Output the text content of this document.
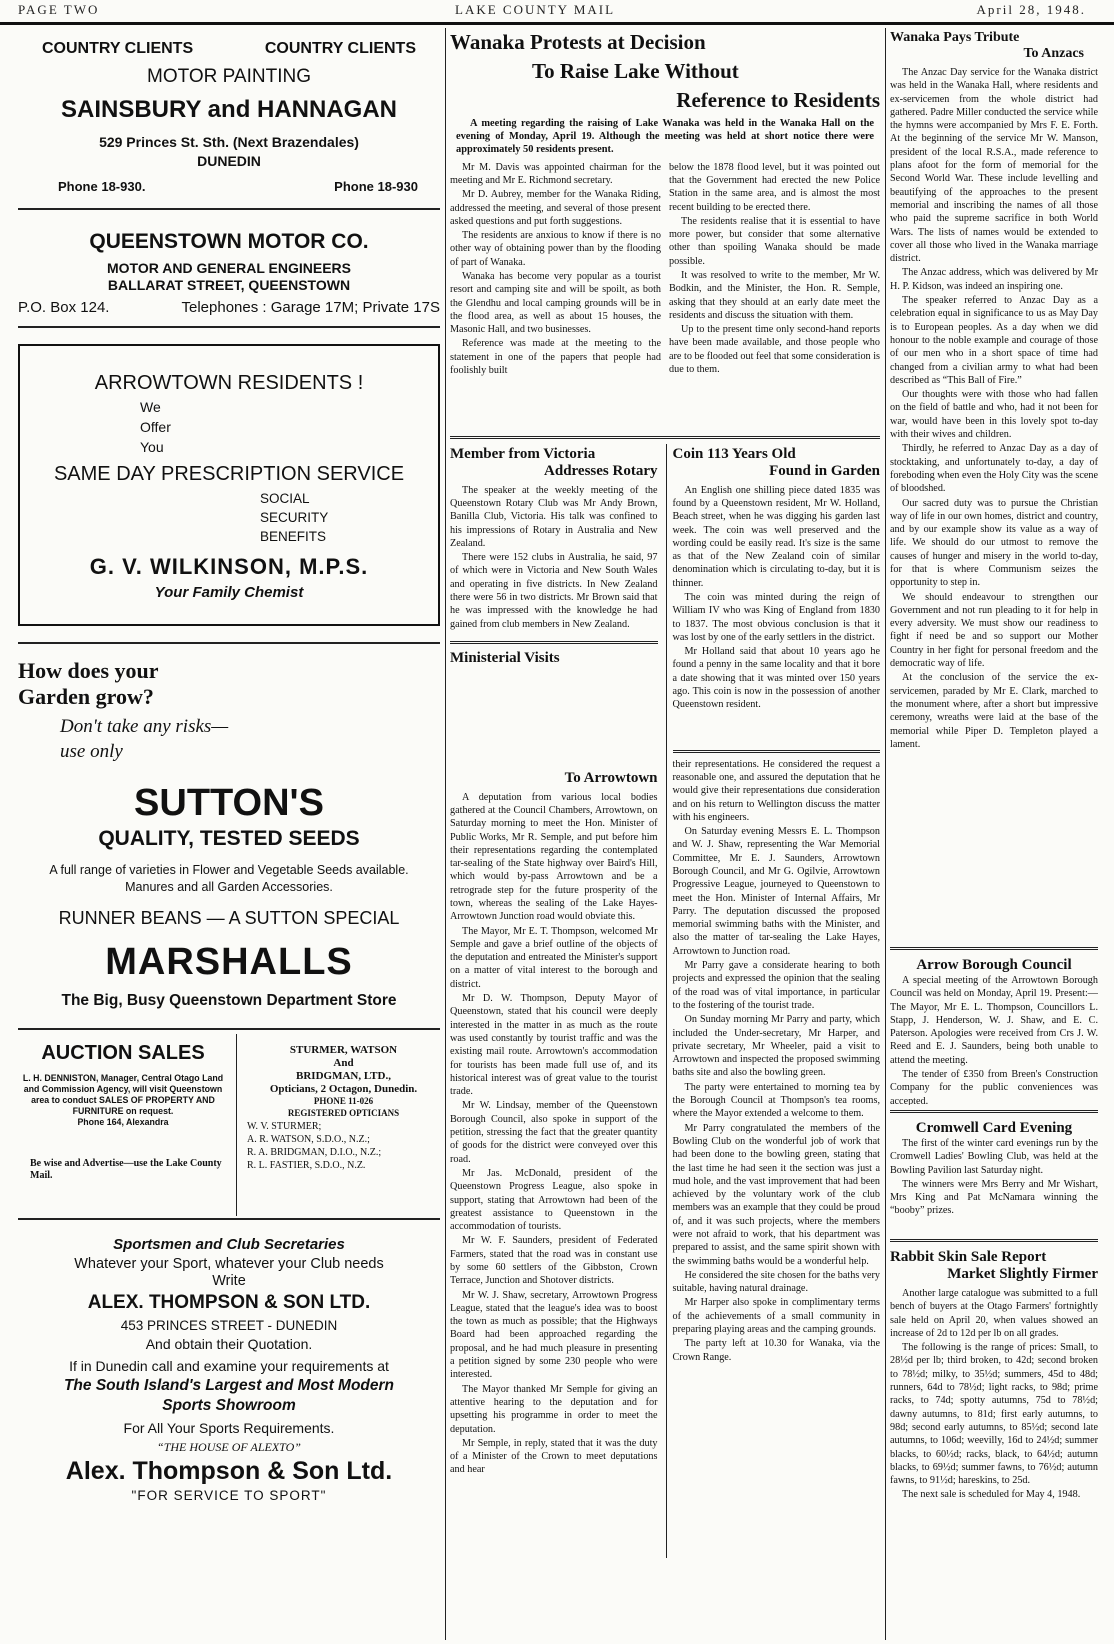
PAGE TWO	LAKE COUNTY MAIL	April 28, 1948.
COUNTRY CLIENTS	COUNTRY CLIENTS
MOTOR PAINTING
SAINSBURY and HANNAGAN
529 Princes St. Sth. (Next Brazendales)
DUNEDIN
Phone 18-930.	Phone 18-930
QUEENSTOWN MOTOR CO.
MOTOR AND GENERAL ENGINEERS
BALLARAT STREET, QUEENSTOWN
P.O. Box 124.	Telephones : Garage 17M; Private 17S
ARROWTOWN RESIDENTS !
We
Offer
You
SAME DAY PRESCRIPTION SERVICE
SOCIAL
SECURITY
BENEFITS
G. V. WILKINSON, M.P.S.
Your Family Chemist
How does your
Garden grow?
Don't take any risks—
use only
SUTTON'S
QUALITY, TESTED SEEDS
A full range of varieties in Flower and Vegetable Seeds available.
Manures and all Garden Accessories.
RUNNER BEANS — A SUTTON SPECIAL
MARSHALLS
The Big, Busy Queenstown Department Store
AUCTION SALES
L. H. DENNISTON, Manager, Central Otago Land and Commission Agency, will visit Queenstown area to conduct SALES OF PROPERTY AND FURNITURE on request.
Phone 164, Alexandra
Be wise and Advertise—use the Lake County Mail.
STURMER, WATSON
And
BRIDGMAN, LTD.,
Opticians, 2 Octagon, Dunedin.
PHONE 11-026
REGISTERED OPTICIANS
W. V. STURMER;
A. R. WATSON, S.D.O., N.Z.;
R. A. BRIDGMAN, D.I.O., N.Z.;
R. L. FASTIER, S.D.O., N.Z.
Sportsmen and Club Secretaries
Whatever your Sport, whatever your Club needs
Write
ALEX. THOMPSON & SON LTD.
453 PRINCES STREET - DUNEDIN
And obtain their Quotation.
If in Dunedin call and examine your requirements at
The South Island's Largest and Most Modern
Sports Showroom
For All Your Sports Requirements.
“THE HOUSE OF ALEXTO”
Alex. Thompson & Son Ltd.
"FOR SERVICE TO SPORT"
Wanaka Protests at Decision
To Raise Lake Without
Reference to Residents

A meeting regarding the raising of Lake Wanaka was held in the Wanaka Hall on the evening of Monday, April 19. Although the meeting was held at short notice there were approximately 50 residents present.

Mr M. Davis was appointed chairman for the meeting and Mr E. Richmond secretary.

Mr D. Aubrey, member for the Wanaka Riding, addressed the meeting, and several of those present asked questions and put forth suggestions.

The residents are anxious to know if there is no other way of obtaining power than by the flooding of part of Wanaka.

Wanaka has become very popular as a tourist resort and camping site and will be spoilt, as both the Glendhu and local camping grounds will be in the flood area, as well as about 15 houses, the Masonic Hall, and two businesses.

Reference was made at the meeting to the statement in one of the papers that people had foolishly built

below the 1878 flood level, but it was pointed out that the Government had erected the new Police Station in the same area, and is almost the most recent building to be erected there.

The residents realise that it is essential to have more power, but consider that some alternative other than spoiling Wanaka should be made possible.

It was resolved to write to the member, Mr W. Bodkin, and the Minister, the Hon. R. Semple, asking that they should at an early date meet the residents and discuss the situation with them.

Up to the present time only second-hand reports have been made available, and those people who are to be flooded out feel that some consideration is due to them.

Member from Victoria
Addresses Rotary

The speaker at the weekly meeting of the Queenstown Rotary Club was Mr Andy Brown, Banilla Club, Victoria. His talk was confined to his impressions of Rotary in Australia and New Zealand.

There were 152 clubs in Australia, he said, 97 of which were in Victoria and New South Wales and operating in five districts. In New Zealand there were 56 in two districts. Mr Brown said that he was impressed with the knowledge he had gained from club members in New Zealand.

Ministerial Visits
Coin 113 Years Old
Found in Garden

An English one shilling piece dated 1835 was found by a Queenstown resident, Mr W. Holland, Beach street, when he was digging his garden last week. The coin was well preserved and the wording could be easily read. It's size is the same as that of the New Zealand coin of similar denomination which is circulating to-day, but it is thinner.

The coin was minted during the reign of William IV who was King of England from 1830 to 1837. The most obvious conclusion is that it was lost by one of the early settlers in the district.

Mr Holland said that about 10 years ago he found a penny in the same locality and that it bore a date showing that it was minted over 150 years ago. This coin is now in the possession of another Queenstown resident.

To Arrowtown

A deputation from various local bodies gathered at the Council Chambers, Arrowtown, on Saturday morning to meet the Hon. Minister of Public Works, Mr R. Semple, and put before him their representations regarding the contemplated tar-sealing of the State highway over Baird's Hill, which would by-pass Arrowtown and be a retrograde step for the future prosperity of the town, whereas the sealing of the Lake Hayes-Arrowtown Junction road would obviate this.

The Mayor, Mr E. T. Thompson, welcomed Mr Semple and gave a brief outline of the objects of the deputation and entreated the Minister's support on a matter of vital interest to the borough and district.

Mr D. W. Thompson, Deputy Mayor of Queenstown, stated that his council were deeply interested in the matter in as much as the route was used constantly by tourist traffic and was the existing mail route. Arrowtown's accommodation for tourists has been made full use of, and its historical interest was of great value to the tourist trade.

Mr W. Lindsay, member of the Queenstown Borough Council, also spoke in support of the petition, stressing the fact that the greater quantity of goods for the district were conveyed over this road.

Mr Jas. McDonald, president of the Queenstown Progress League, also spoke in support, stating that Arrowtown had been of the greatest assistance to Queenstown in the accommodation of tourists.

Mr W. F. Saunders, president of Federated Farmers, stated that the road was in constant use by some 60 settlers of the Gibbston, Crown Terrace, Junction and Shotover districts.

Mr W. J. Shaw, secretary, Arrowtown Progress League, stated that the league's idea was to boost the town as much as possible; that the Highways Board had been approached regarding the proposal, and he had much pleasure in presenting a petition signed by some 230 people who were interested.

The Mayor thanked Mr Semple for giving an attentive hearing to the deputation and for upsetting his programme in order to meet the deputation.

Mr Semple, in reply, stated that it was the duty of a Minister of the Crown to meet deputations and hear

their representations. He considered the request a reasonable one, and assured the deputation that he would give their representations due consideration and on his return to Wellington discuss the matter with his engineers.

On Saturday evening Messrs E. L. Thompson and W. J. Shaw, representing the War Memorial Committee, Mr E. J. Saunders, Arrowtown Borough Council, and Mr G. Ogilvie, Arrowtown Progressive League, journeyed to Queenstown to meet the Hon. Minister of Internal Affairs, Mr Parry. The deputation discussed the proposed memorial swimming baths with the Minister, and also the matter of tar-sealing the Lake Hayes, Arrowtown to Junction road.

Mr Parry gave a considerate hearing to both projects and expressed the opinion that the sealing of the road was of vital importance, in particular to the fostering of the tourist trade.

On Sunday morning Mr Parry and party, which included the Under-secretary, Mr Harper, and private secretary, Mr Wheeler, paid a visit to Arrowtown and inspected the proposed swimming baths site and also the bowling green.

The party were entertained to morning tea by the Borough Council at Thompson's tea rooms, where the Mayor extended a welcome to them.

Mr Parry congratulated the members of the Bowling Club on the wonderful job of work that had been done to the bowling green, stating that the last time he had seen it the section was just a mud hole, and the vast improvement that had been achieved by the voluntary work of the club members was an example that they could be proud of, and it was such projects, where the members were not afraid to work, that his department was prepared to assist, and the same spirit shown with the swimming baths would be a wonderful help.

He considered the site chosen for the baths very suitable, having natural drainage.

Mr Harper also spoke in complimentary terms of the achievements of a small community in preparing playing areas and the camping grounds.

The party left at 10.30 for Wanaka, via the Crown Range.

Wanaka Pays Tribute
To Anzacs

The Anzac Day service for the Wanaka district was held in the Wanaka Hall, where residents and ex-servicemen from the whole district had gathered. Padre Miller conducted the service while the hymns were accompanied by Mrs F. E. Forth. At the beginning of the service Mr W. Manson, president of the local R.S.A., made reference to plans afoot for the form of memorial for the Second World War. These include levelling and beautifying of the approaches to the present memorial and inscribing the names of all those who paid the supreme sacrifice in both World Wars. The lists of names would be extended to cover all those who lived in the Wanaka marriage district.

The Anzac address, which was delivered by Mr H. P. Kidson, was indeed an inspiring one.

The speaker referred to Anzac Day as a celebration equal in significance to us as May Day is to European peoples. As a day when we did honour to the noble example and courage of those of our men who in a short space of time had changed from a civilian army to what had been described as “This Ball of Fire.”

Our thoughts were with those who had fallen on the field of battle and who, had it not been for war, would have been in this lovely spot to-day with their wives and children.

Thirdly, he referred to Anzac Day as a day of stocktaking, and unfortunately to-day, a day of foreboding when even the Holy City was the scene of bloodshed.

Our sacred duty was to pursue the Christian way of life in our own homes, district and country, and by our example show its value as a way of life. We should do our utmost to remove the causes of hunger and misery in the world to-day, for that is where Communism seizes the opportunity to step in.

We should endeavour to strengthen our Government and not run pleading to it for help in every adversity. We must show our readiness to fight if need be and so support our Mother Country in her fight for personal freedom and the democratic way of life.

At the conclusion of the service the ex-servicemen, paraded by Mr E. Clark, marched to the monument where, after a short but impressive ceremony, wreaths were laid at the base of the memorial while Piper D. Templeton played a lament.

Arrow Borough Council

A special meeting of the Arrowtown Borough Council was held on Monday, April 19. Present:—The Mayor, Mr E. L. Thompson, Councillors L. Stapp, J. Henderson, W. J. Shaw, and E. C. Paterson. Apologies were received from Crs J. W. Reed and E. J. Saunders, being both unable to attend the meeting.

The tender of £350 from Breen's Construction Company for the public conveniences was accepted.

Cromwell Card Evening

The first of the winter card evenings run by the Cromwell Ladies' Bowling Club, was held at the Bowling Pavilion last Saturday night.

The winners were Mrs Berry and Mr Wishart, Mrs King and Pat McNamara winning the “booby” prizes.

Rabbit Skin Sale Report
Market Slightly Firmer

Another large catalogue was submitted to a full bench of buyers at the Otago Farmers' fortnightly sale held on April 20, when values showed an increase of 2d to 12d per lb on all grades.

The following is the range of prices: Small, to 28½d per lb; third broken, to 42d; second broken to 78½d; milky, to 35½d; summers, 45d to 48d; runners, 64d to 78½d; light racks, to 98d; prime racks, to 74d; spotty autumns, 75d to 78½d; dawny autumns, to 81d; first early autumns, to 98d; second early autumns, to 85½d; second late autumns, to 106d; weevilly, 16d to 24½d; summer blacks, to 60½d; racks, black, to 64½d; autumn blacks, to 69½d; summer fawns, to 76½d; autumn fawns, to 91½d; hareskins, to 25d.

The next sale is scheduled for May 4, 1948.
